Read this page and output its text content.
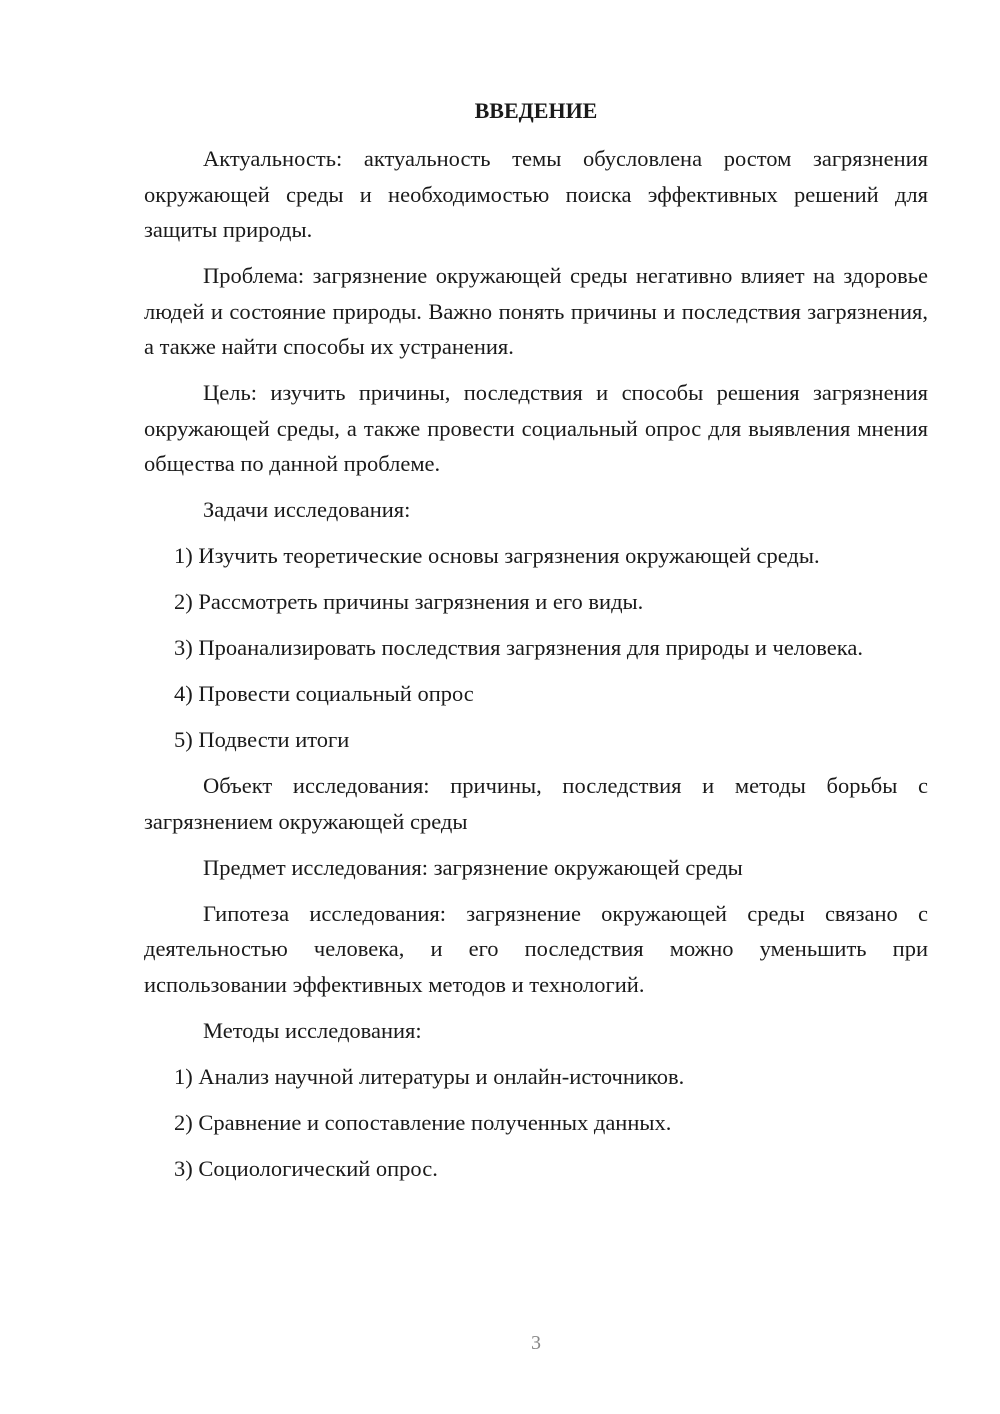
ВВЕДЕНИЕ

Актуальность: актуальность темы обусловлена ростом загрязнения окружающей среды и необходимостью поиска эффективных решений для защиты природы.

Проблема: загрязнение окружающей среды негативно влияет на здоровье людей и состояние природы. Важно понять причины и последствия загрязнения, а также найти способы их устранения.

Цель: изучить причины, последствия и способы решения загрязнения окружающей среды, а также провести социальный опрос для выявления мнения общества по данной проблеме.

Задачи исследования:

1) Изучить теоретические основы загрязнения окружающей среды.

2) Рассмотреть причины загрязнения и его виды.

3) Проанализировать последствия загрязнения для природы и человека.

4) Провести социальный опрос

5) Подвести итоги

Объект исследования: причины, последствия и методы борьбы с загрязнением окружающей среды

Предмет исследования: загрязнение окружающей среды

Гипотеза исследования: загрязнение окружающей среды связано с деятельностью человека, и его последствия можно уменьшить при использовании эффективных методов и технологий.

Методы исследования:

1) Анализ научной литературы и онлайн-источников.

2) Сравнение и сопоставление полученных данных.

3) Социологический опрос.

3
